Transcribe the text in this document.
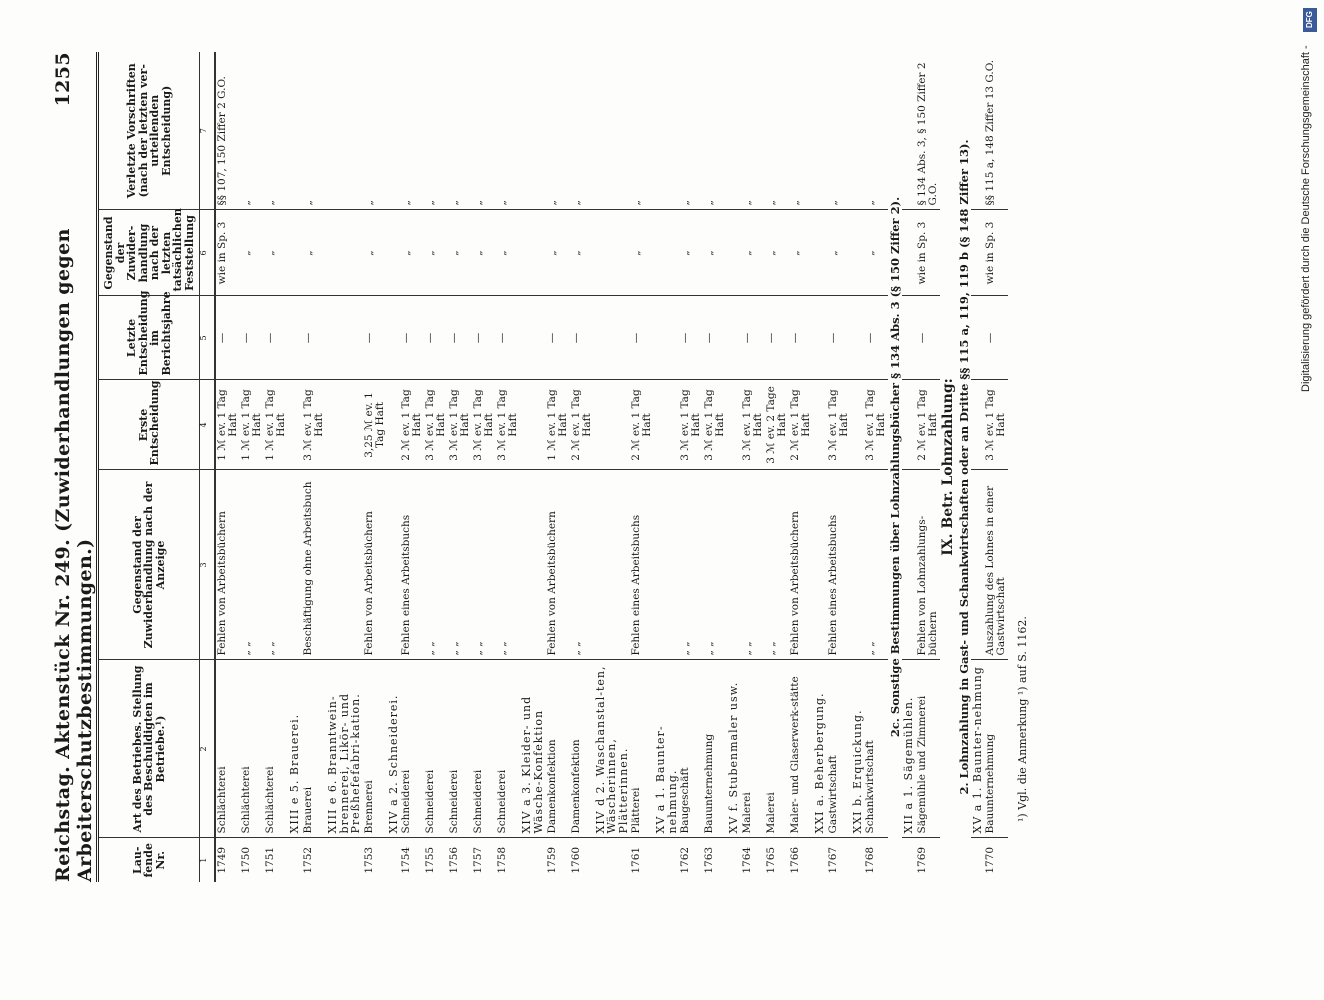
Reichstag. Aktenstück Nr. 249. (Zuwiderhandlungen gegen Arbeiterschutzbestimmungen.)
1255
Lau-fende Nr.	Art des Betriebes. Stellung des Beschuldigten im Betriebe.¹)	Gegenstand der Zuwiderhandlung nach der Anzeige	Erste Entscheidung	Letzte Entscheidung im Berichtsjahre	Gegenstand der Zuwider-handlung nach der letzten tatsächlichen Feststellung	Verletzte Vorschriften (nach der letzten ver-urteilenden Entscheidung)
1	2	3	4	5	6	7
1749	Schlächterei	Fehlen von Arbeitsbüchern	1 ℳ ev. 1 Tag Haft	—	wie in Sp. 3	§§ 107, 150 Ziffer 2 G.O.
1750	Schlächterei	„ „	1 ℳ ev. 1 Tag Haft	—	„	„
1751	Schlächterei	„ „	1 ℳ ev. 1 Tag Haft	—	„	„
	XIII e 5. Brauerei.					
1752	Brauerei	Beschäftigung ohne Arbeitsbuch	3 ℳ ev. 1 Tag Haft	—	„	„
	XIII e 6. Branntwein-brennerei, Likör- und Preßhefefabri-kation.					
1753	Brennerei	Fehlen von Arbeitsbüchern	3,25 ℳ ev. 1 Tag Haft	—	„	„
	XIV a 2. Schneiderei.					
1754	Schneiderei	Fehlen eines Arbeitsbuchs	2 ℳ ev. 1 Tag Haft	—	„	„
1755	Schneiderei	„ „	3 ℳ ev. 1 Tag Haft	—	„	„
1756	Schneiderei	„ „	3 ℳ ev. 1 Tag Haft	—	„	„
1757	Schneiderei	„ „	3 ℳ ev. 1 Tag Haft	—	„	„
1758	Schneiderei	„ „	3 ℳ ev. 1 Tag Haft	—	„	„
	XIV a 3. Kleider- und Wäsche-Konfektion					
1759	Damenkonfektion	Fehlen von Arbeitsbüchern	1 ℳ ev. 1 Tag Haft	—	„	„
1760	Damenkonfektion	„ „	2 ℳ ev. 1 Tag Haft	—	„	„
	XIV d 2. Waschanstal-ten, Wäscherinnen, Plätterinnen.					
1761	Plätterei	Fehlen eines Arbeitsbuchs	2 ℳ ev. 1 Tag Haft	—	„	„
	XV a 1. Baunter-nehmung.					
1762	Baugeschäft	„ „	3 ℳ ev. 1 Tag Haft	—	„	„
1763	Bauunternehmung	„ „	3 ℳ ev. 1 Tag Haft	—	„	„
	XV f. Stubenmaler usw.					
1764	Malerei	„ „	3 ℳ ev. 1 Tag Haft	—	„	„
1765	Malerei	„ „	3 ℳ ev. 2 Tage Haft	—	„	„
1766	Maler- und Glaserwerk-stätte	Fehlen von Arbeitsbüchern	2 ℳ ev. 1 Tag Haft	—	„	„
	XXI a. Beherbergung.					
1767	Gastwirtschaft	Fehlen eines Arbeitsbuchs	3 ℳ ev. 1 Tag Haft	—	„	„
	XXI b. Erquickung.					
1768	Schankwirtschaft	„ „	3 ℳ ev. 1 Tag Haft	—	„	„
2c. Sonstige Bestimmungen über Lohnzahlungsbücher § 134 Abs. 3 (§ 150 Ziffer 2).						
	XII a 1. Sägemühlen.					
1769	Sägemühle und Zimmerei	Fehlen von Lohnzahlungs-büchern	2 ℳ ev. 1 Tag Haft	—	wie in Sp. 3	§ 134 Abs. 3, § 150 Ziffer 2 G.O.
IX. Betr. Lohnzahlung:						
2. Lohnzahlung in Gast- und Schankwirtschaften oder an Dritte §§ 115 a, 119, 119 b (§ 148 Ziffer 13).						
	XV a 1. Baunter-nehmung					
1770	Bauunternehmung	Auszahlung des Lohnes in einer Gastwirtschaft	3 ℳ ev. 1 Tag Haft	—	wie in Sp. 3	§§ 115 a, 148 Ziffer 13 G.O.
¹) Vgl. die Anmerkung ¹) auf S. 1162.
Digitalisierung gefördert durch die Deutsche Forschungsgemeinschaft -
DFG
